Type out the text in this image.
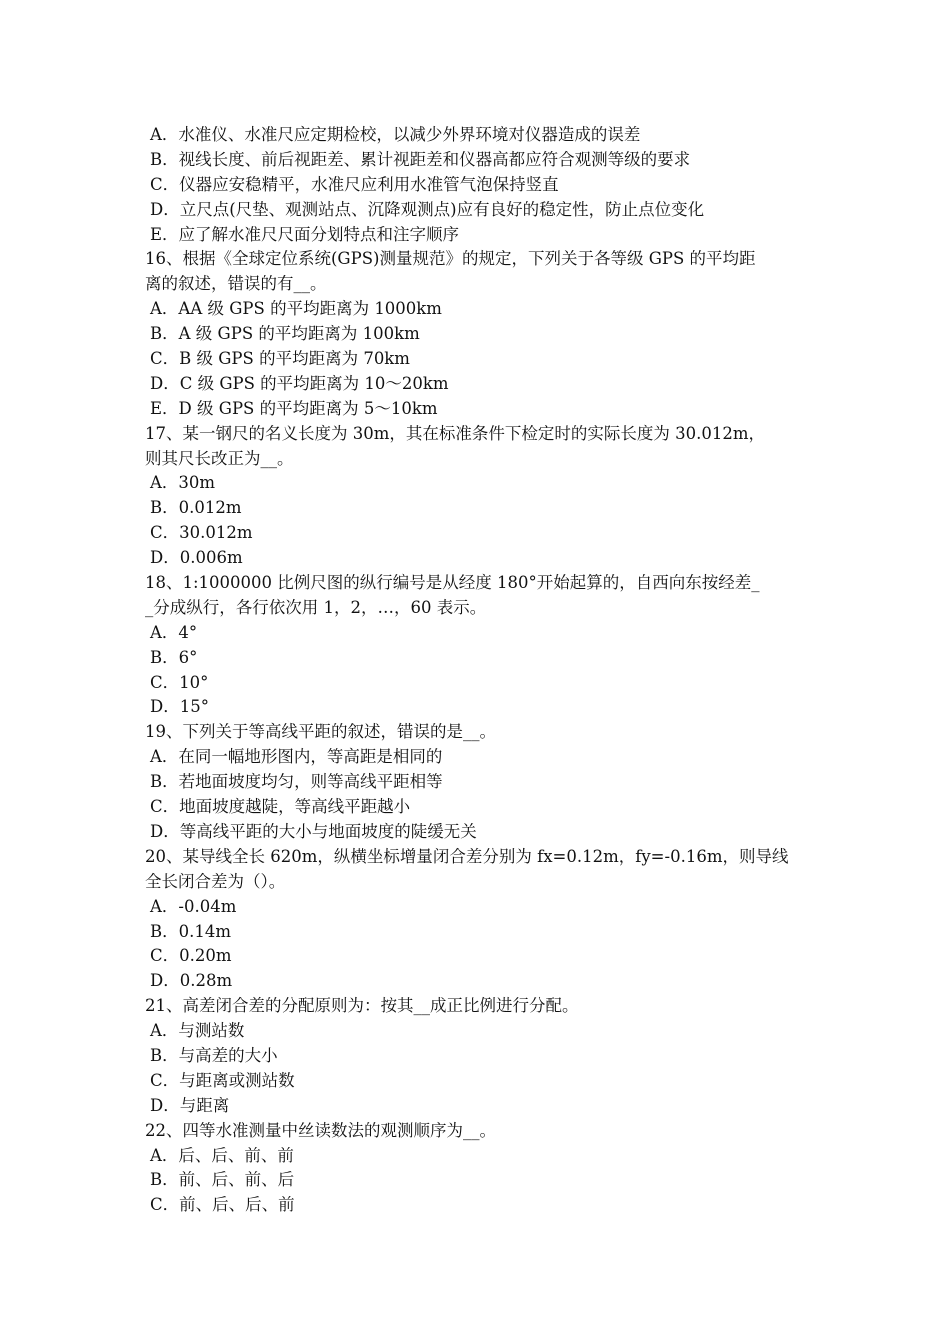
A．水准仪、水准尺应定期检校，以减少外界环境对仪器造成的误差
B．视线长度、前后视距差、累计视距差和仪器高都应符合观测等级的要求
C．仪器应安稳精平，水准尺应利用水准管气泡保持竖直
D．立尺点(尺垫、观测站点、沉降观测点)应有良好的稳定性，防止点位变化
E．应了解水准尺尺面分划特点和注字顺序
16、根据《全球定位系统(GPS)测量规范》的规定，下列关于各等级 GPS 的平均距
离的叙述，错误的有__。
A．AA 级 GPS 的平均距离为 1000km
B．A 级 GPS 的平均距离为 100km
C．B 级 GPS 的平均距离为 70km
D．C 级 GPS 的平均距离为 10～20km
E．D 级 GPS 的平均距离为 5～10km
17、某一钢尺的名义长度为 30m，其在标准条件下检定时的实际长度为 30.012m，
则其尺长改正为__。
A．30m
B．0.012m
C．30.012m
D．0.006m
18、1:1000000 比例尺图的纵行编号是从经度 180°开始起算的，自西向东按经差_
_分成纵行，各行依次用 1，2，…，60 表示。
A．4°
B．6°
C．10°
D．15°
19、下列关于等高线平距的叙述，错误的是__。
A．在同一幅地形图内，等高距是相同的
B．若地面坡度均匀，则等高线平距相等
C．地面坡度越陡，等高线平距越小
D．等高线平距的大小与地面坡度的陡缓无关
20、某导线全长 620m，纵横坐标增量闭合差分别为 fx=0.12m，fy=-0.16m，则导线
全长闭合差为（）。
A．-0.04m
B．0.14m
C．0.20m
D．0.28m
21、高差闭合差的分配原则为：按其__成正比例进行分配。
A．与测站数
B．与高差的大小
C．与距离或测站数
D．与距离
22、四等水准测量中丝读数法的观测顺序为__。
A．后、后、前、前
B．前、后、前、后
C．前、后、后、前
